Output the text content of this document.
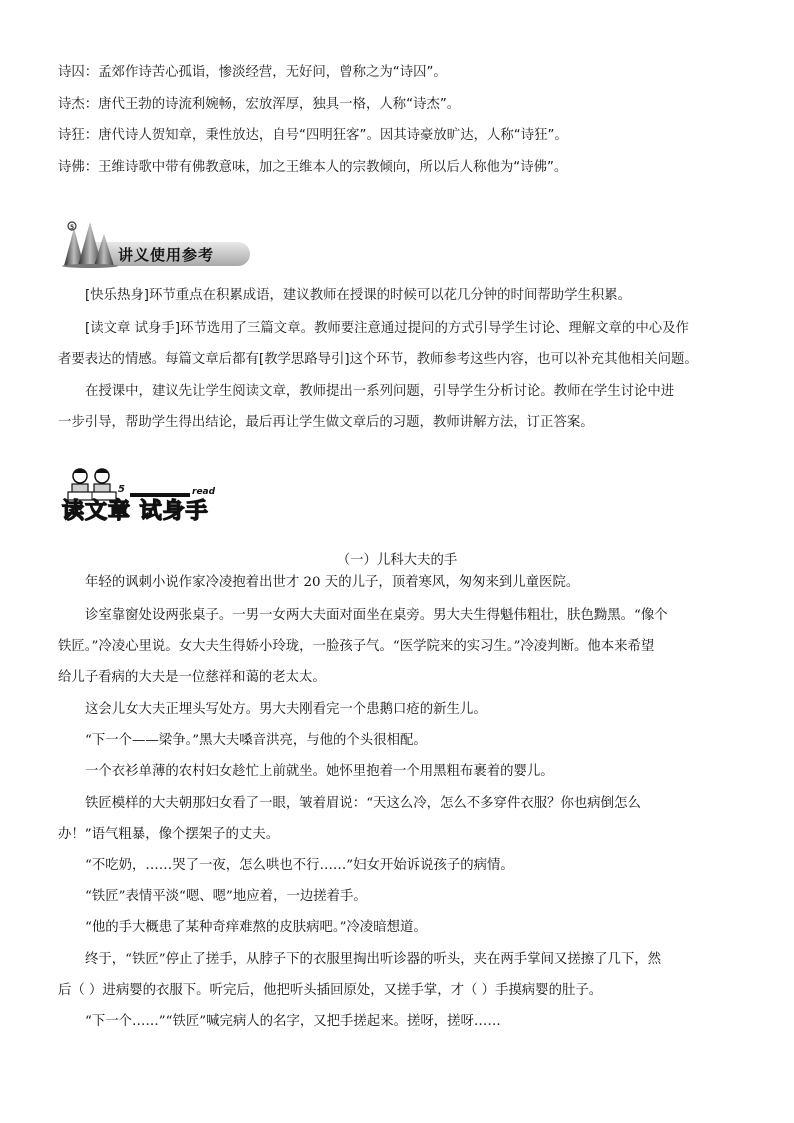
诗囚：孟郊作诗苦心孤诣，惨淡经营，无好问，曾称之为“诗囚”。
诗杰：唐代王勃的诗流利婉畅，宏放浑厚，独具一格，人称“诗杰”。
诗狂：唐代诗人贺知章，秉性放达，自号“四明狂客”。因其诗豪放旷达，人称“诗狂”。
诗佛：王维诗歌中带有佛教意味，加之王维本人的宗教倾向，所以后人称他为“诗佛”。
5
讲义使用参考
[快乐热身]环节重点在积累成语，建议教师在授课的时候可以花几分钟的时间帮助学生积累。
[读文章 试身手]环节选用了三篇文章。教师要注意通过提问的方式引导学生讨论、理解文章的中心及作
者要表达的情感。每篇文章后都有[教学思路导引]这个环节，教师参考这些内容，也可以补充其他相关问题。
在授课中，建议先让学生阅读文章，教师提出一系列问题，引导学生分析讨论。教师在学生讨论中进
一步引导，帮助学生得出结论，最后再让学生做文章后的习题，教师讲解方法，订正答案。
5	read
读文章 试身手
（一）儿科大夫的手
年轻的讽刺小说作家冷凌抱着出世才 20 天的儿子，顶着寒风，匆匆来到儿童医院。
诊室靠窗处设两张桌子。一男一女两大夫面对面坐在桌旁。男大夫生得魁伟粗壮，肤色黝黑。“像个
铁匠。”冷凌心里说。女大夫生得娇小玲珑，一脸孩子气。“医学院来的实习生。”冷凌判断。他本来希望
给儿子看病的大夫是一位慈祥和蔼的老太太。
这会儿女大夫正埋头写处方。男大夫刚看完一个患鹅口疮的新生儿。
“下一个——梁争。”黑大夫嗓音洪亮，与他的个头很相配。
一个衣衫单薄的农村妇女趁忙上前就坐。她怀里抱着一个用黑粗布裹着的婴儿。
铁匠模样的大夫朝那妇女看了一眼，皱着眉说：“天这么冷，怎么不多穿件衣服？你也病倒怎么
办！”语气粗暴，像个摆架子的丈夫。
“不吃奶，……哭了一夜，怎么哄也不行……”妇女开始诉说孩子的病情。
“铁匠”表情平淡“嗯、嗯”地应着，一边搓着手。
“他的手大概患了某种奇痒难熬的皮肤病吧。”冷凌暗想道。
终于，“铁匠”停止了搓手，从脖子下的衣服里掏出听诊器的听头，夹在两手掌间又搓擦了几下，然
后（ ）进病婴的衣服下。听完后，他把听头插回原处，又搓手掌，才（ ）手摸病婴的肚子。
“下一个……”“铁匠”喊完病人的名字，又把手搓起来。搓呀，搓呀……
